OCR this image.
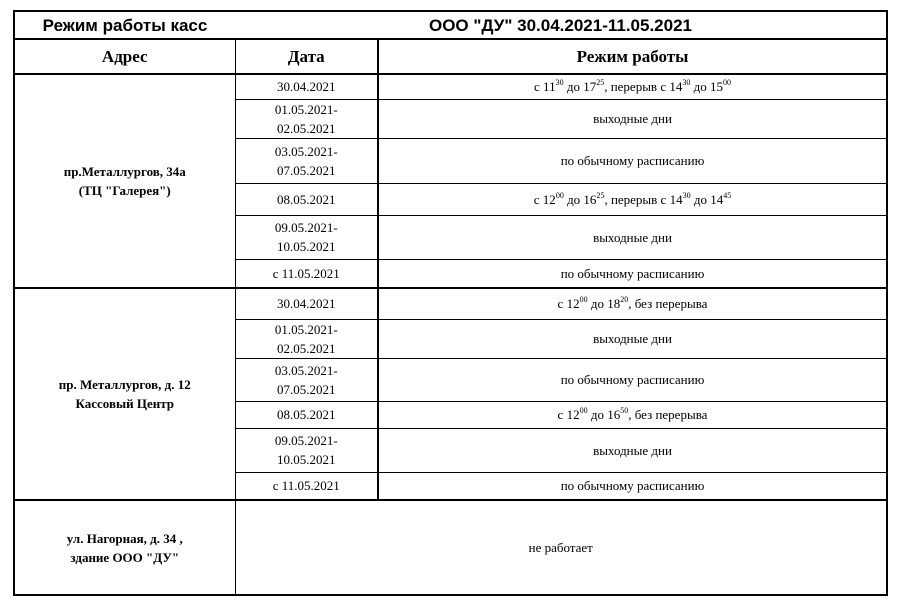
Режим работы касс	ООО "ДУ" 30.04.2021-11.05.2021	
Адрес	Дата	Режим работы

пр.Металлургов, 34а
(ТЦ "Галерея")	30.04.2021	с $11^{30}$ до $17^{25}$, перерыв с $14^{30}$ до $15^{00}$

	01.05.2021-
02.05.2021	выходные дни

	03.05.2021-
07.05.2021	по обычному расписанию

	08.05.2021	с $12^{00}$ до $16^{25}$, перерыв с $14^{30}$ до $14^{45}$

	09.05.2021-
10.05.2021	выходные дни

	с 11.05.2021	по обычному расписанию

пр. Металлургов, д. 12
Кассовый Центр	30.04.2021	с $12^{00}$ до $18^{20}$, без перерыва

	01.05.2021-
02.05.2021	выходные дни

	03.05.2021-
07.05.2021	по обычному расписанию

	08.05.2021	с $12^{00}$ до $16^{50}$, без перерыва

	09.05.2021-
10.05.2021	выходные дни

	с 11.05.2021	по обычному расписанию

ул. Нагорная, д. 34 ,
здание ООО "ДУ"	не работает	
